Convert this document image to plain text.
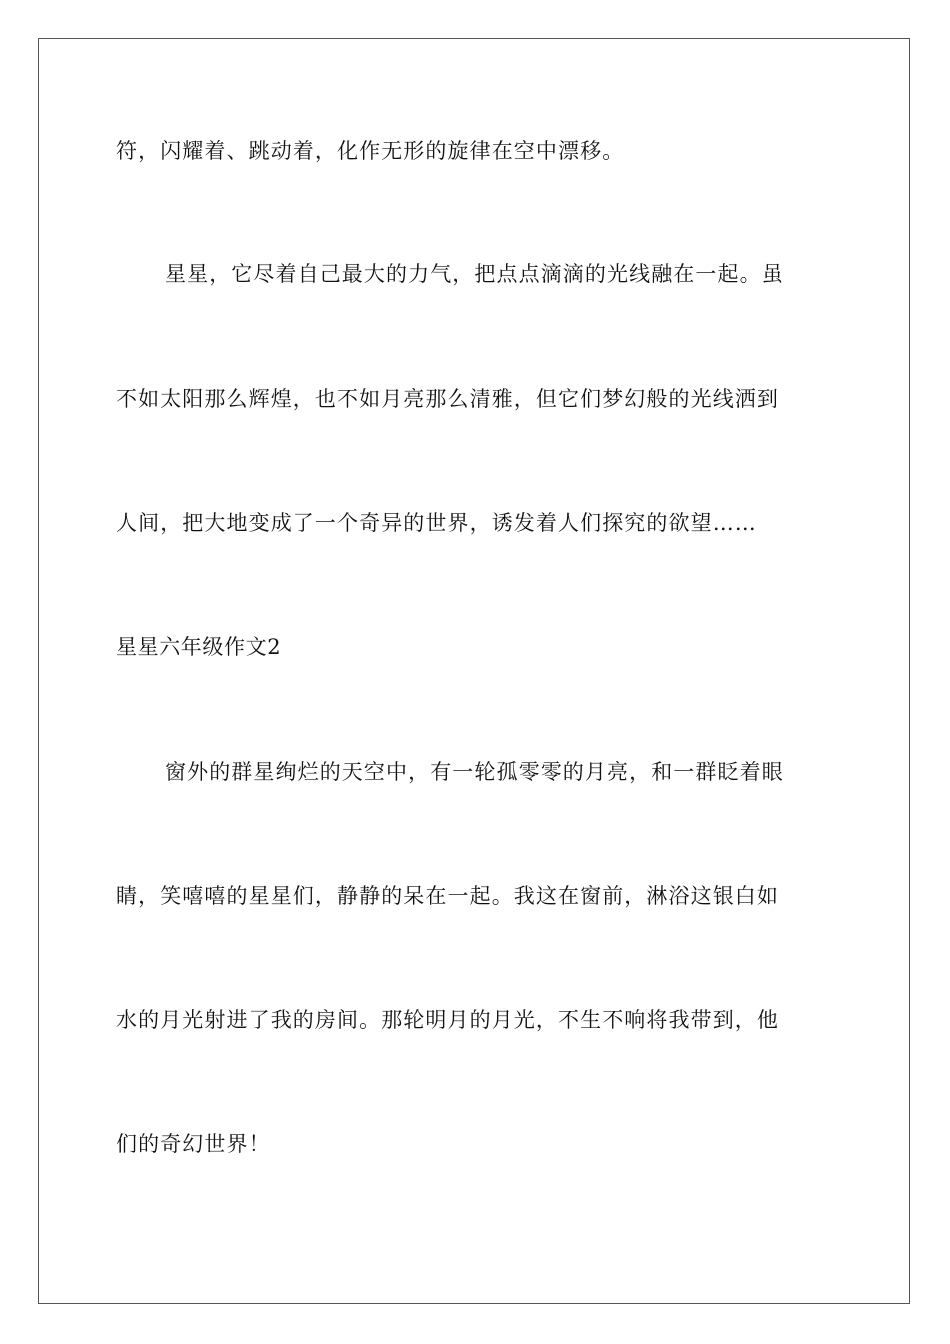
符，闪耀着、跳动着，化作无形的旋律在空中漂移。
星星，它尽着自己最大的力气，把点点滴滴的光线融在一起。虽
不如太阳那么辉煌，也不如月亮那么清雅，但它们梦幻般的光线洒到
人间，把大地变成了一个奇异的世界，诱发着人们探究的欲望……
星星六年级作文2
窗外的群星绚烂的天空中，有一轮孤零零的月亮，和一群眨着眼
睛，笑嘻嘻的星星们，静静的呆在一起。我这在窗前，淋浴这银白如
水的月光射进了我的房间。那轮明月的月光，不生不响将我带到，他
们的奇幻世界！
